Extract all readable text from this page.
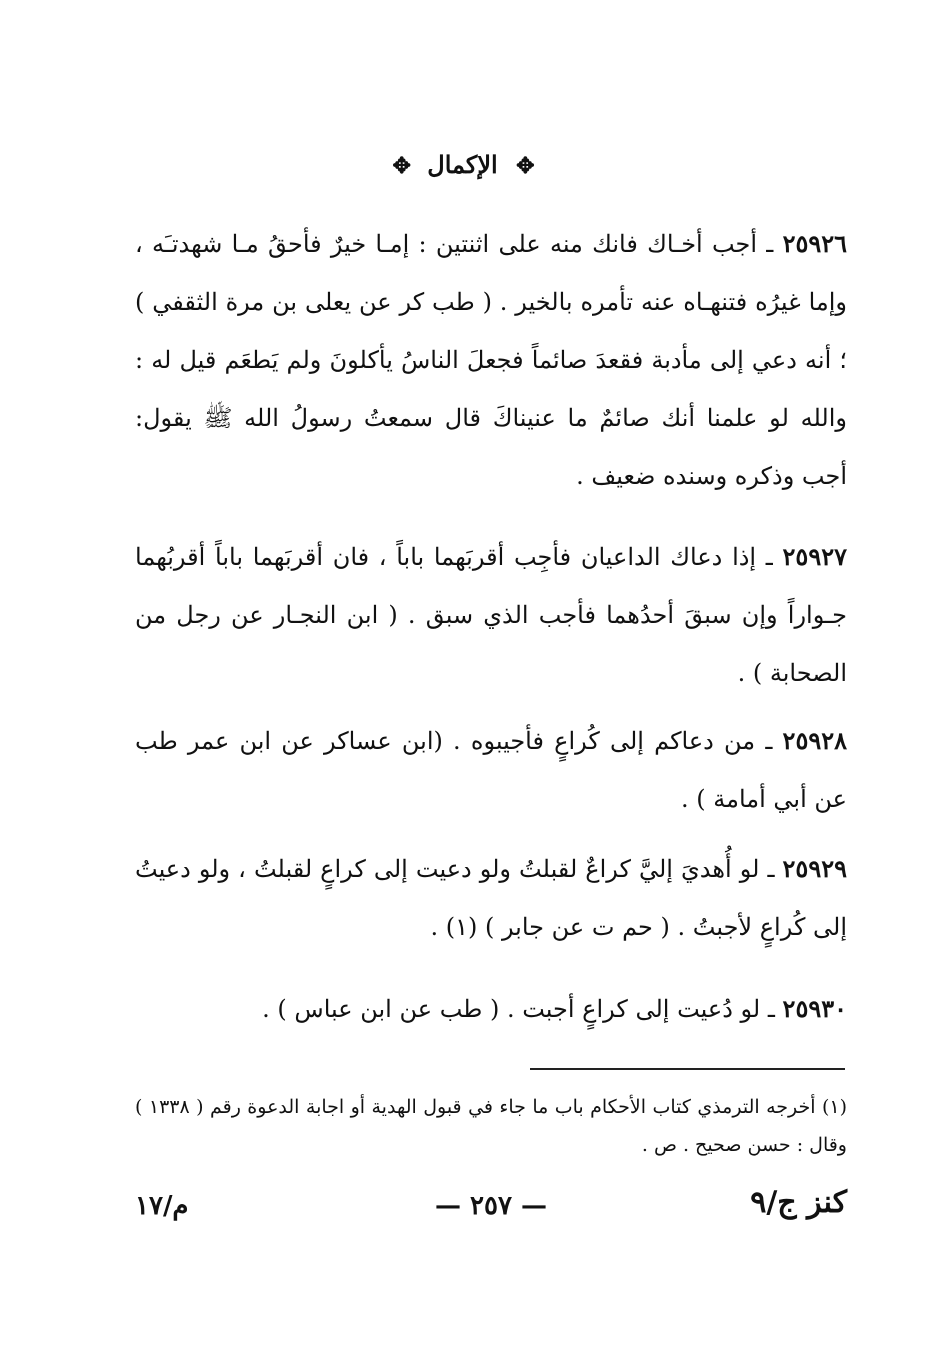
✥ الإكمال ✥
٢٥٩٢٦ ـ أجب أخـاك فانك منه على اثنتين : إمـا خيرٌ فأحقُ مـا شهدتـَه ، وإما غيرُه فتنهـاه عنه تأمره بالخير . ( طب كر عن يعلى بن مرة الثقفي ) ؛ أنه دعي إلى مأدبة فقعدَ صائماً فجعلَ الناسُ يأكلونَ ولم يَطعَم قيل له : والله لو علمنا أنك صائمٌ ما عنيناكَ قال سمعتُ رسولُ الله ﷺ يقول: أجب وذكره وسنده ضعيف .
٢٥٩٢٧ ـ إذا دعاك الداعيان فأجِب أقربَهما باباً ، فان أقربَهما باباً أقربُهما جـواراً وإن سبقَ أحدُهما فأجب الذي سبق . ( ابن النجـار عن رجل من الصحابة ) .
٢٥٩٢٨ ـ من دعاكم إلى كُراعٍ فأجيبوه . (ابن عساكر عن ابن عمر طب عن أبي أمامة ) .
٢٥٩٢٩ ـ لو أُهديَ إليَّ كراعٌ لقبلتُ ولو دعيت إلى كراعٍ لقبلتُ ، ولو دعيتُ إلى كُراعٍ لأجبتُ . ( حم ت عن جابر ) (١) .
٢٥٩٣٠ ـ لو دُعيت إلى كراعٍ أجبت . ( طب عن ابن عباس ) .
(١) أخرجه الترمذي كتاب الأحكام باب ما جاء في قبول الهدية أو اجابة الدعوة رقم ( ١٣٣٨ ) وقال : حسن صحيح . ص .
كنز ج/٩
— ٢٥٧ —
م/١٧
